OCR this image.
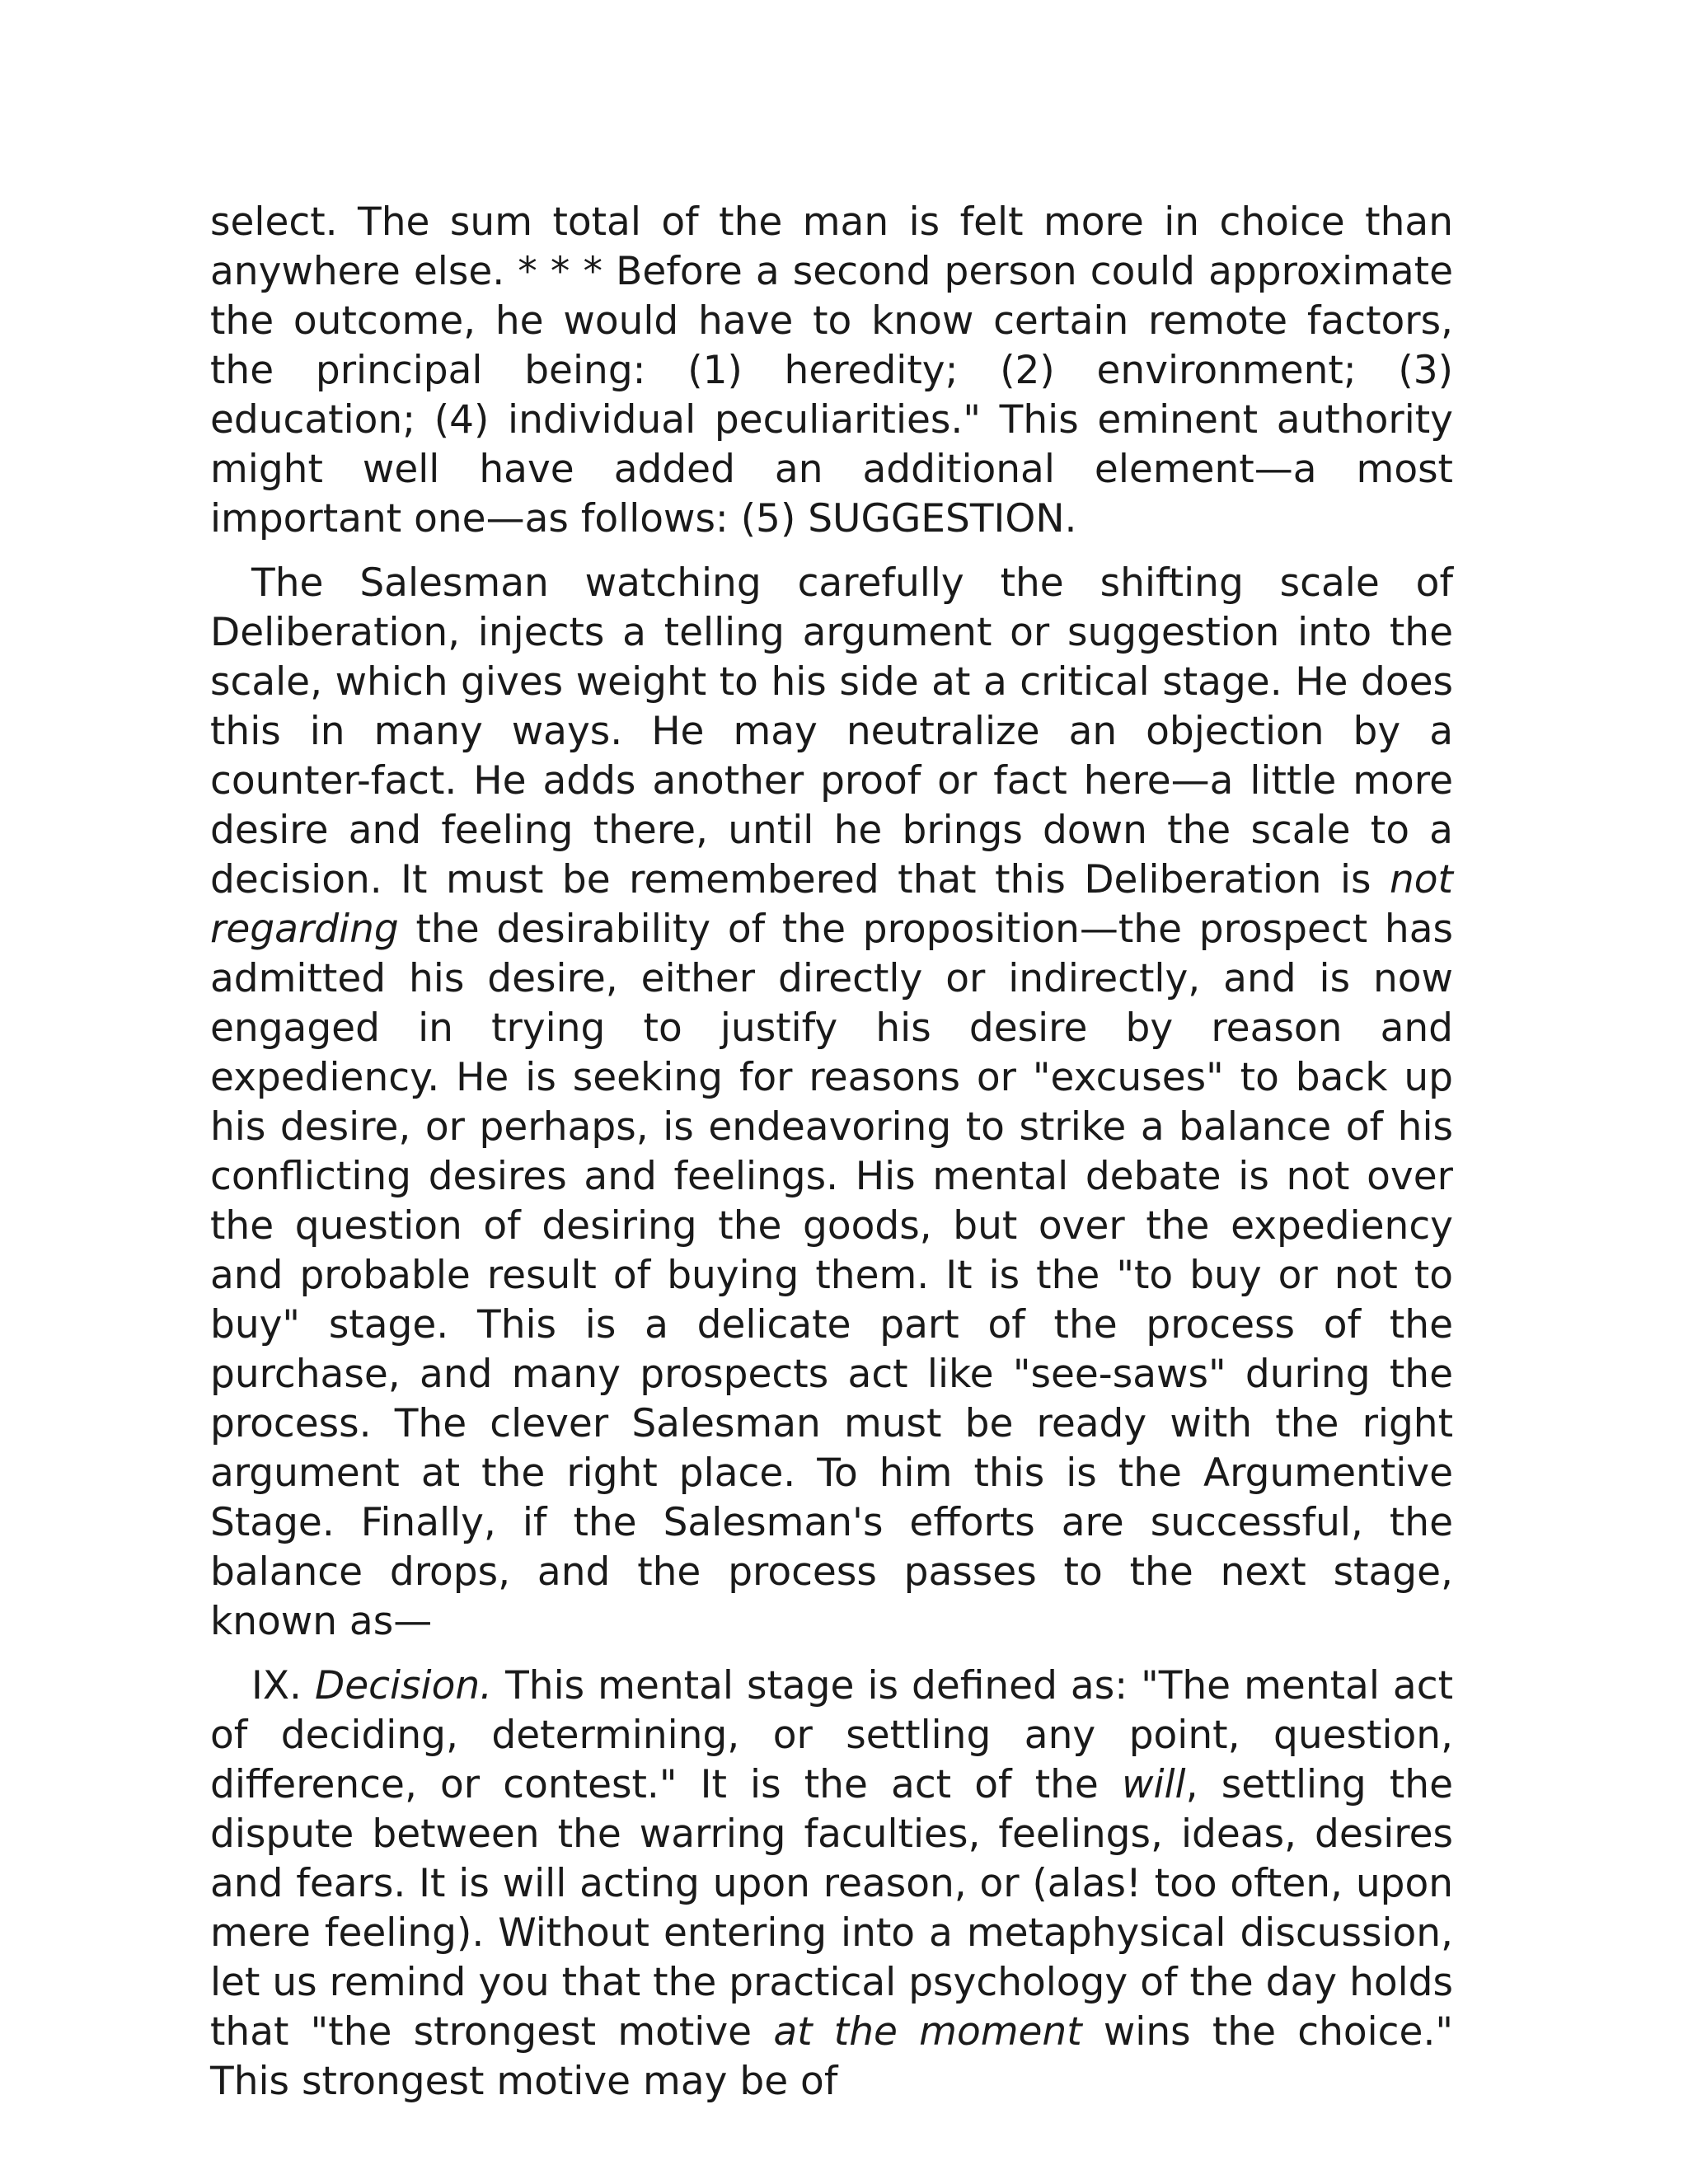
select. The sum total of the man is felt more in choice than anywhere else. * * * Before a second person could approximate the outcome, he would have to know certain remote factors, the principal being: (1) heredity; (2) environment; (3) education; (4) individual peculiarities." This eminent authority might well have added an additional element—a most important one—as follows: (5) SUGGESTION.

The Salesman watching carefully the shifting scale of Deliberation, injects a telling argument or suggestion into the scale, which gives weight to his side at a critical stage. He does this in many ways. He may neutralize an objection by a counter-fact. He adds another proof or fact here—a little more desire and feeling there, until he brings down the scale to a decision. It must be remembered that this Deliberation is not regarding the desirability of the proposition—the prospect has admitted his desire, either directly or indirectly, and is now engaged in trying to justify his desire by reason and expediency. He is seeking for reasons or "excuses" to back up his desire, or perhaps, is endeavoring to strike a balance of his conflicting desires and feelings. His mental debate is not over the question of desiring the goods, but over the expediency and probable result of buying them. It is the "to buy or not to buy" stage. This is a delicate part of the process of the purchase, and many prospects act like "see-saws" during the process. The clever Salesman must be ready with the right argument at the right place. To him this is the Argumentive Stage. Finally, if the Salesman's efforts are successful, the balance drops, and the process passes to the next stage, known as—

IX. Decision. This mental stage is defined as: "The mental act of deciding, determining, or settling any point, question, difference, or contest." It is the act of the will, settling the dispute between the warring faculties, feelings, ideas, desires and fears. It is will acting upon reason, or (alas! too often, upon mere feeling). Without entering into a metaphysical discussion, let us remind you that the practical psychology of the day holds that "the strongest motive at the moment wins the choice." This strongest motive may be of
